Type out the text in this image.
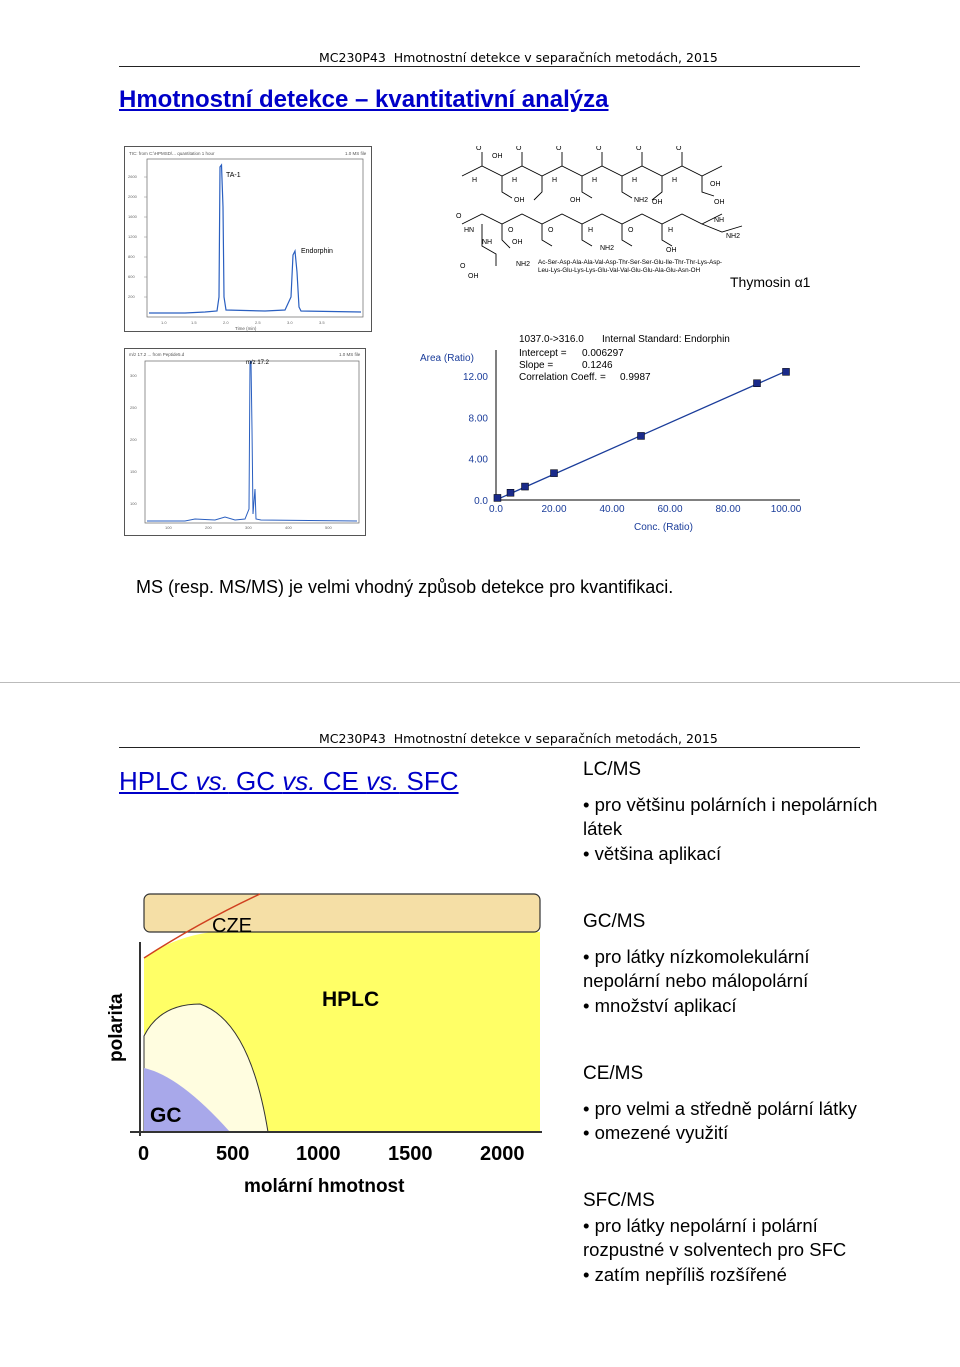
MC230P43 Hmotnostní detekce v separačních metodách, 2015
Hmotnostní detekce – kvantitativní analýza
TIC: from C:\HPMSD\... quantitation 1 hour	1.0 MS file
2600
2000
1600
1200
800
600
200
1.0	1.5	2.0	2.5	3.0	3.5
Time (min)
TA-1
Endorphin
OH
O	O	O	O	O	O
H	H	H	H	H	H
OH
OH	OH	NH2 OH	OH
O
HN	O	O	H	O	H
NH
NH2
NH2	OH
NH	OH
O
OH
NH2 Ac-Ser-Asp-Ala-Ala-Val-Asp-Thr-Ser-Ser-Glu-Ile-Thr-Thr-Lys-Asp-
Leu-Lys-Glu-Lys-Lys-Glu-Val-Val-Glu-Glu-Ala-Glu-Asn-OH
Thymosin α1
m/z 17.2 ... from Peptide5.d	1.0 MS file
300
250
200
150
100
100	200	300	400	500
m/z 17.2
1037.0->316.0 Internal Standard: Endorphin
Intercept = 0.006297
Slope =	0.1246
Correlation Coeff. = 0.9987
Area (Ratio)
Conc. (Ratio)
0.0
4.00
8.00
12.00
0.0	20.00	40.00	60.00	80.00	100.00
MS (resp. MS/MS) je velmi vhodný způsob detekce pro kvantifikaci.
MC230P43 Hmotnostní detekce v separačních metodách, 2015
HPLC vs. GC vs. CE vs. SFC
CZE
HPLC
GC
polarita
0	500 1000 1500 2000
molární hmotnost
LC/MS
• pro většinu polárních i nepolárních látek
• většina aplikací
GC/MS
• pro látky nízkomolekulární nepolární nebo málopolární
• množství aplikací
CE/MS
• pro velmi a středně polární látky
• omezené využití
SFC/MS
• pro látky nepolární i polární rozpustné v solventech pro SFC
• zatím nepříliš rozšířené
